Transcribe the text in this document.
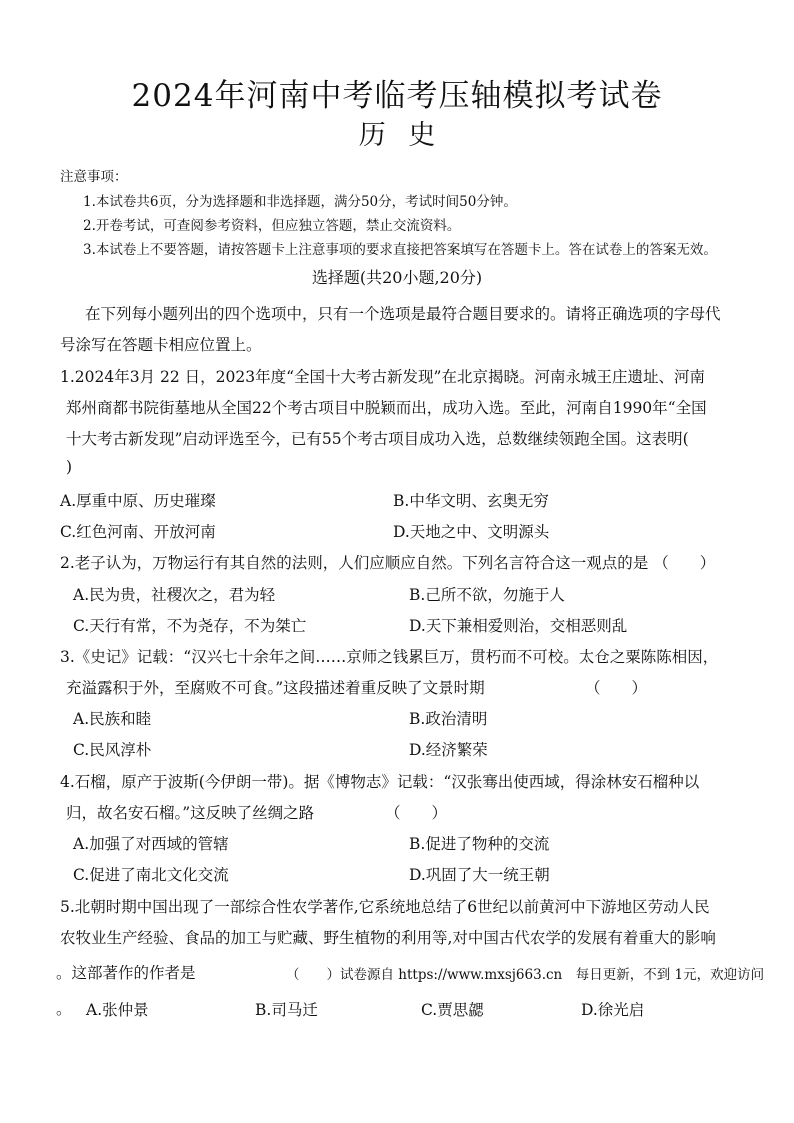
2024年河南中考临考压轴模拟考试卷
历 史
注意事项：
1.本试卷共6页，分为选择题和非选择题，满分50分，考试时间50分钟。
2.开卷考试，可查阅参考资料，但应独立答题，禁止交流资料。
3.本试卷上不要答题，请按答题卡上注意事项的要求直接把答案填写在答题卡上。答在试卷上的答案无效。
选择题(共20小题,20分)
在下列每小题列出的四个选项中，只有一个选项是最符合题目要求的。请将正确选项的字母代
号涂写在答题卡相应位置上。
1.2024年3月 22 日，2023年度“全国十大考古新发现”在北京揭晓。河南永城王庄遗址、河南
郑州商都书院街墓地从全国22个考古项目中脱颖而出，成功入选。至此，河南自1990年“全国
十大考古新发现”启动评选至今，已有55个考古项目成功入选，总数继续领跑全国。这表明(
)
A.厚重中原、历史璀璨	B.中华文明、玄奥无穷
C.红色河南、开放河南	D.天地之中、文明源头
2.老子认为，万物运行有其自然的法则，人们应顺应自然。下列名言符合这一观点的是 （　　）
A.民为贵，社稷次之，君为轻	B.己所不欲，勿施于人
C.天行有常，不为尧存，不为桀亡	D.天下兼相爱则治，交相恶则乱
3.《史记》记载：“汉兴七十余年之间……京师之钱累巨万，贯朽而不可校。太仓之粟陈陈相因，
充溢露积于外，至腐败不可食。”这段描述着重反映了文景时期	（　　）
A.民族和睦	B.政治清明
C.民风淳朴	D.经济繁荣
4.石榴，原产于波斯(今伊朗一带)。据《博物志》记载：“汉张骞出使西域，得涂林安石榴种以
归，故名安石榴。”这反映了丝绸之路	（　　）
A.加强了对西域的管辖	B.促进了物种的交流
C.促进了南北文化交流	D.巩固了大一统王朝
5.北朝时期中国出现了一部综合性农学著作,它系统地总结了6世纪以前黄河中下游地区劳动人民
农牧业生产经验、食品的加工与贮藏、野生植物的利用等,对中国古代农学的发展有着重大的影响
。这部著作的作者是	（　　）试卷源自 https://www.mxsj663.cn　每日更新，不到 1元，欢迎访问
。 A.张仲景	B.司马迁	C.贾思勰	D.徐光启
